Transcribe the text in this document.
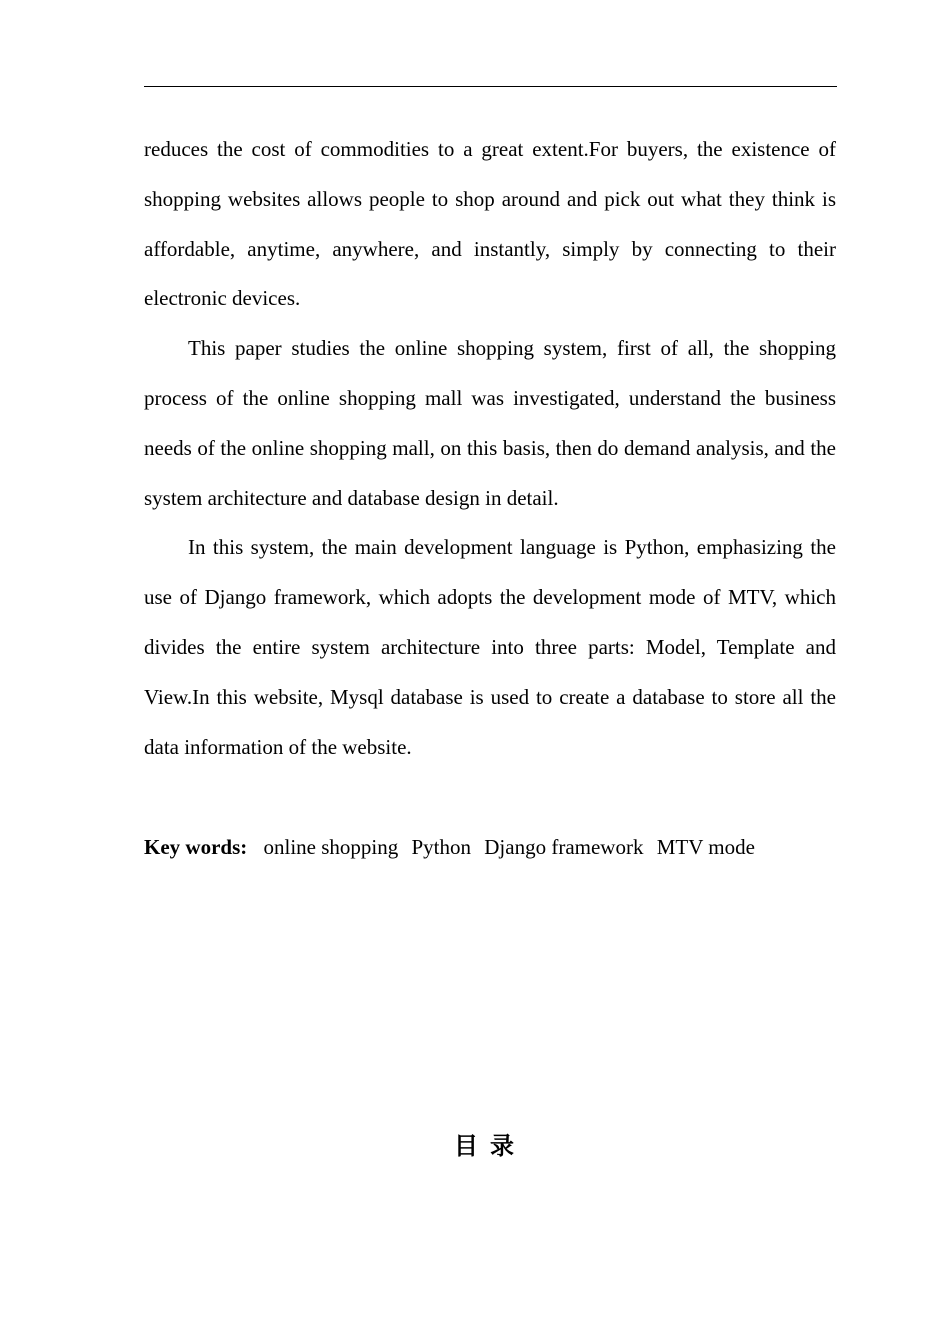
reduces the cost of commodities to a great extent.For buyers, the existence of shopping websites allows people to shop around and pick out what they think is affordable, anytime, anywhere, and instantly, simply by connecting to their electronic devices.

This paper studies the online shopping system, first of all, the shopping process of the online shopping mall was investigated, understand the business needs of the online shopping mall, on this basis, then do demand analysis, and the system architecture and database design in detail.

In this system, the main development language is Python, emphasizing the use of Django framework, which adopts the development mode of MTV, which divides the entire system architecture into three parts: Model, Template and View.In this website, Mysql database is used to create a database to store all the data information of the website.

Key words: online shopping Python Django framework MTV mode
目录
